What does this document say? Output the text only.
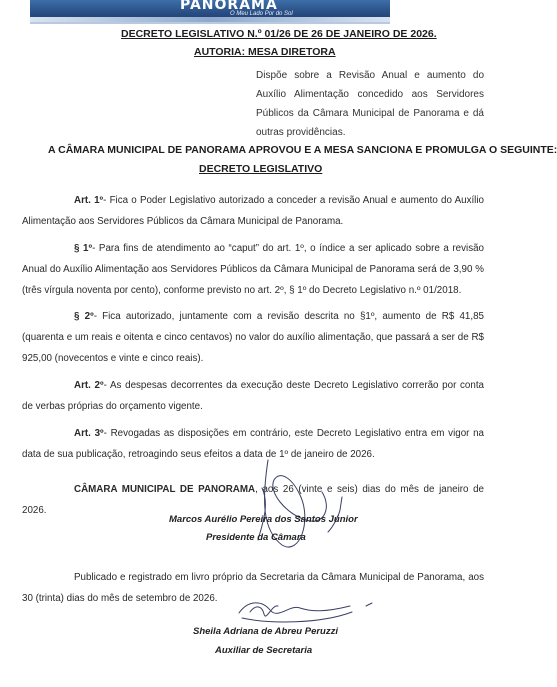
PANORAMA
O Meu Lado Por do Sol

DECRETO LEGISLATIVO N.º 01/26 DE 26 DE JANEIRO DE 2026.

AUTORIA: MESA DIRETORA

Dispõe sobre a Revisão Anual e aumento do Auxílio Alimentação concedido aos Servidores Públicos da Câmara Municipal de Panorama e dá outras providências.

A CÂMARA MUNICIPAL DE PANORAMA APROVOU E A MESA SANCIONA E PROMULGA O SEGUINTE:

DECRETO LEGISLATIVO

Art. 1º- Fica o Poder Legislativo autorizado a conceder a revisão Anual e aumento do Auxílio Alimentação aos Servidores Públicos da Câmara Municipal de Panorama.

§ 1º- Para fins de atendimento ao “caput” do art. 1º, o índice a ser aplicado sobre a revisão Anual do Auxílio Alimentação aos Servidores Públicos da Câmara Municipal de Panorama será de 3,90 % (três vírgula noventa por cento), conforme previsto no art. 2º, § 1º do Decreto Legislativo n.º 01/2018.

§ 2º- Fica autorizado, juntamente com a revisão descrita no §1º, aumento de R$ 41,85 (quarenta e um reais e oitenta e cinco centavos) no valor do auxílio alimentação, que passará a ser de R$ 925,00 (novecentos e vinte e cinco reais).

Art. 2º- As despesas decorrentes da execução deste Decreto Legislativo correrão por conta de verbas próprias do orçamento vigente.

Art. 3º- Revogadas as disposições em contrário, este Decreto Legislativo entra em vigor na data de sua publicação, retroagindo seus efeitos a data de 1º de janeiro de 2026.

CÂMARA MUNICIPAL DE PANORAMA, aos 26 (vinte e seis) dias do mês de janeiro de 2026.

Marcos Aurélio Pereira dos Santos Júnior
Presidente da Câmara

Publicado e registrado em livro próprio da Secretaria da Câmara Municipal de Panorama, aos 30 (trinta) dias do mês de setembro de 2026.

Sheila Adriana de Abreu Peruzzi
Auxiliar de Secretaria
